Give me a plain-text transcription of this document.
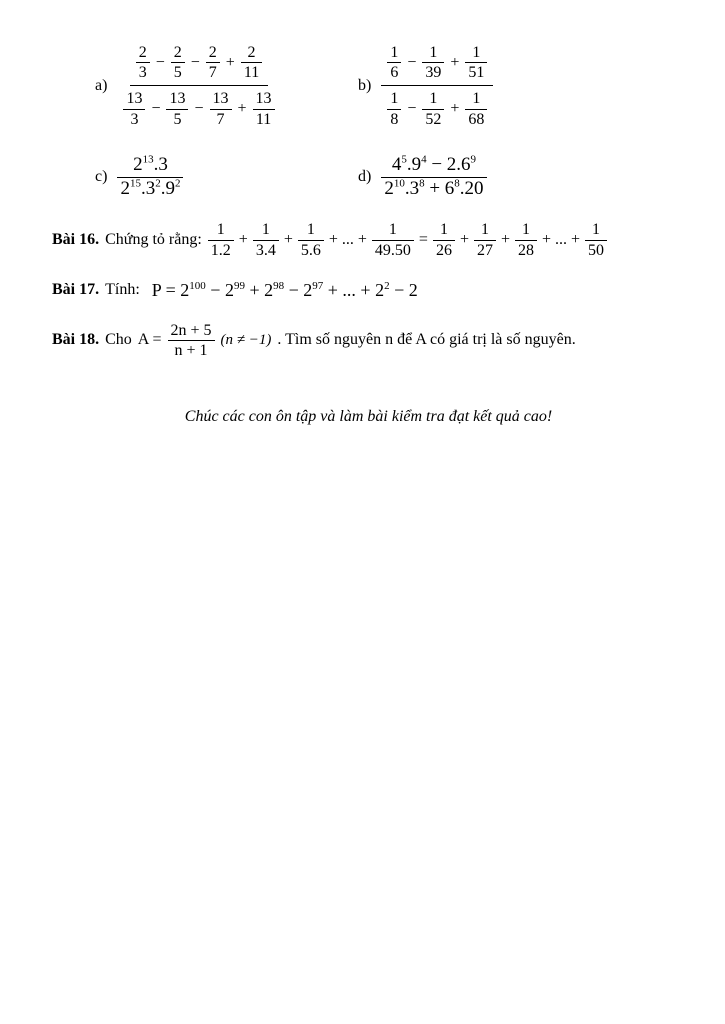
a)
$\frac{2}{3} - \frac{2}{5} - \frac{2}{7} + \frac{2}{11}$
$\frac{13}{3} - \frac{13}{5} - \frac{13}{7} + \frac{13}{11}$
$b) \frac{\frac{1}{6} - \frac{1}{39} + \frac{1}{51}}{\frac{1}{8} - \frac{1}{52} + \frac{1}{68}}$
$c) \frac{2^{13}.3}{2^{15}.3^2.9^2}$	$d) \frac{4^5.9^4 - 2.6^9}{2^{10}.3^8 + 6^8.20}$
Bài 16. Chứng tỏ rằng: $\frac{1}{1.2} + \frac{1}{3.4} + \frac{1}{5.6}$ + ... + $\frac{1}{49.50} = \frac{1}{26} + \frac{1}{27} + \frac{1}{28}$ + ... + $\frac{1}{50}$
Bài 17. Tính: $P = 2^{100} - 2^{99} + 2^{98} - 2^{97}$ + ... + $2^2 - 2$
Bài 18. Cho $A = \frac{2n + 5}{n + 1} (n \ne -1)$ . Tìm số nguyên n để A có giá trị là số nguyên.
Chúc các con ôn tập và làm bài kiểm tra đạt kết quả cao!
